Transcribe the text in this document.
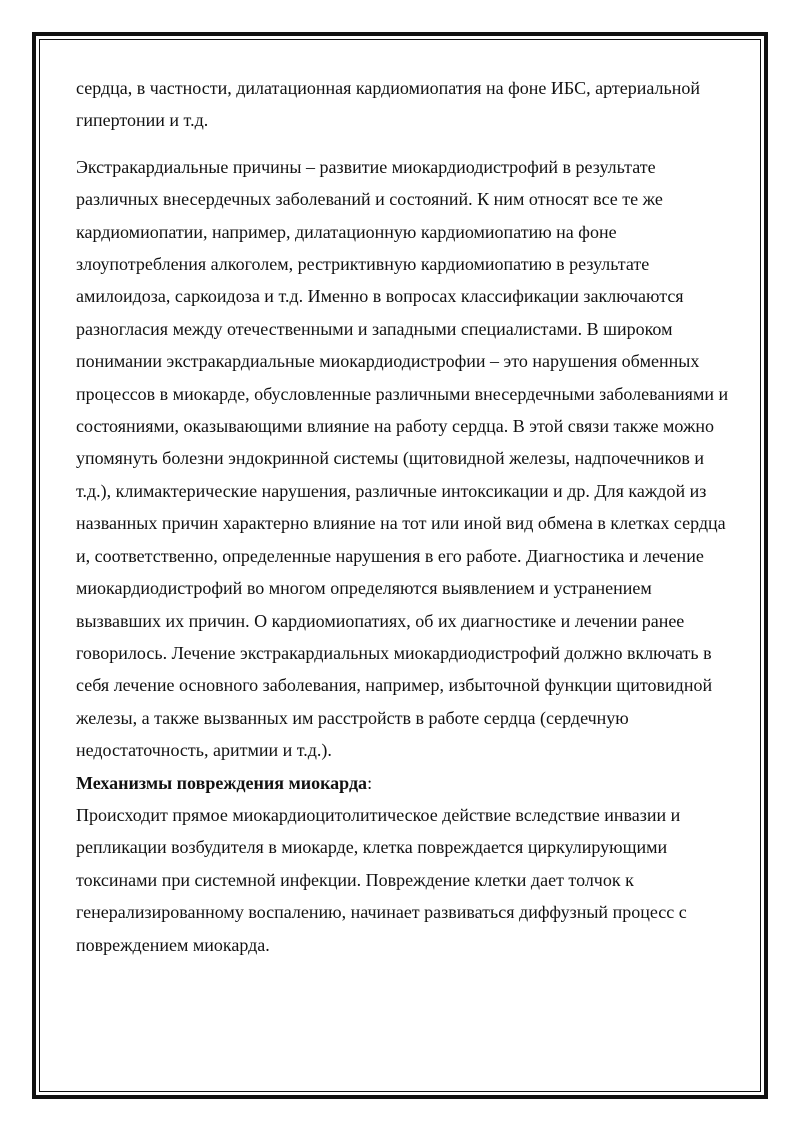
сердца, в частности, дилатационная кардиомиопатия на фоне ИБС, артериальной гипертонии и т.д.

Экстракардиальные причины – развитие миокардиодистрофий в результате различных внесердечных заболеваний и состояний. К ним относят все те же кардиомиопатии, например, дилатационную кардиомиопатию на фоне злоупотребления алкоголем, рестриктивную кардиомиопатию в результате амилоидоза, саркоидоза и т.д. Именно в вопросах классификации заключаются разногласия между отечественными и западными специалистами. В широком понимании экстракардиальные миокардиодистрофии – это нарушения обменных процессов в миокарде, обусловленные различными внесердечными заболеваниями и состояниями, оказывающими влияние на работу сердца. В этой связи также можно упомянуть болезни эндокринной системы (щитовидной железы, надпочечников и т.д.), климактерические нарушения, различные интоксикации и др. Для каждой из названных причин характерно влияние на тот или иной вид обмена в клетках сердца и, соответственно, определенные нарушения в его работе. Диагностика и лечение миокардиодистрофий во многом определяются выявлением и устранением вызвавших их причин. О кардиомиопатиях, об их диагностике и лечении ранее говорилось. Лечение экстракардиальных миокардиодистрофий должно включать в себя лечение основного заболевания, например, избыточной функции щитовидной железы, а также вызванных им расстройств в работе сердца (сердечную недостаточность, аритмии и т.д.).

Механизмы повреждения миокарда:

Происходит прямое миокардиоцитолитическое действие вследствие инвазии и репликации возбудителя в миокарде, клетка повреждается циркулирующими токсинами при системной инфекции. Повреждение клетки дает толчок к генерализированному воспалению, начинает развиваться диффузный процесс с повреждением миокарда.
